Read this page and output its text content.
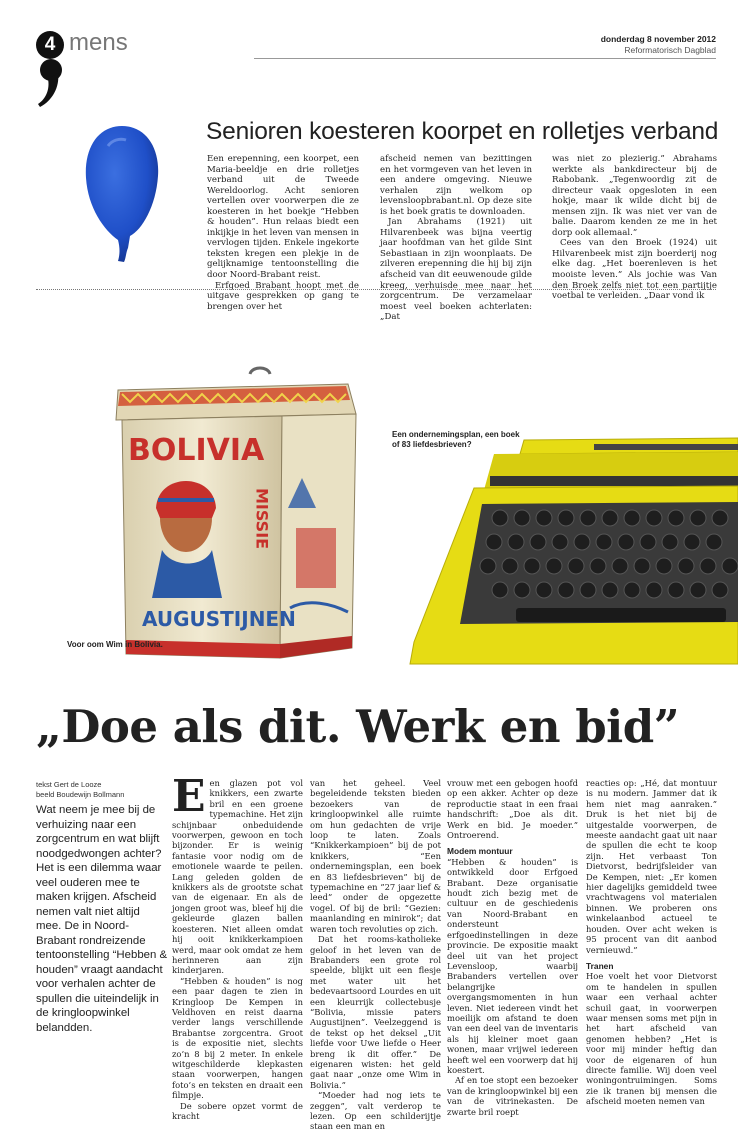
4 mens	donderdag 8 november 2012
Reformatorisch Dagblad
Senioren koesteren koorpet en rolletjes verband

Een erepenning, een koorpet, een Maria-beeldje en drie rolletjes verband uit de Tweede Wereldoorlog. Acht senioren vertellen over voorwerpen die ze koesteren in het boekje “Hebben & houden”. Hun relaas biedt een inkijkje in het leven van mensen in vervlogen tijden. Enkele ingekorte teksten kregen een plekje in de gelijknamige tentoonstelling die door Noord-Brabant reist.

Erfgoed Brabant hoopt met de uitgave gesprekken op gang te brengen over het

afscheid nemen van bezittingen en het vormgeven van het leven in een andere omgeving. Nieuwe verhalen zijn welkom op levensloopbrabant.nl. Op deze site is het boek gratis te downloaden.

Jan Abrahams (1921) uit Hilvarenbeek was bijna veertig jaar hoofdman van het gilde Sint Sebastiaan in zijn woonplaats. De zilveren erepenning die hij bij zijn afscheid van dit eeuwenoude gilde kreeg, verhuisde mee naar het zorgcentrum. De verzamelaar moest veel boeken achterlaten: „Dat

was niet zo plezierig.” Abrahams werkte als bankdirecteur bij de Rabobank. „Tegenwoordig zit de directeur vaak opgesloten in een hokje, maar ik wilde dicht bij de mensen zijn. Ik was niet ver van de balie. Daarom kenden ze me in het dorp ook allemaal.”

Cees van den Broek (1924) uit Hilvarenbeek mist zijn boerderij nog elke dag. „Het boerenleven is het mooiste leven.” Als jochie was Van den Broek zelfs niet tot een partijtje voetbal te verleiden. „Daar vond ik

BOLIVIA
AUGUSTIJNEN
MISSIE
Voor oom Wim in Bolivia.
Een ondernemingsplan, een boek of 83 liefdesbrieven?
„Doe als dit. Werk en bid”
tekst Gert de Looze
beeld Boudewijn Bollmann
Wat neem je mee bij de verhuizing naar een zorgcentrum en wat blijft noodgedwongen achter? Het is een dilemma waar veel ouderen mee te maken krijgen. Afscheid nemen valt niet altijd mee. De in Noord-Brabant rondreizende tentoonstelling “Hebben & houden” vraagt aandacht voor verhalen achter de spullen die uiteindelijk in de kringloopwinkel belandden.
E en glazen pot vol knikkers, een zwarte bril en een groene typemachine. Het zijn schijnbaar onbeduidende voorwerpen, gewoon en toch bijzonder. Er is weinig fantasie voor nodig om de emotionele waarde te peilen. Lang geleden golden de knikkers als de grootste schat van de eigenaar. En als de jongen groot was, bleef hij die gekleurde glazen ballen koesteren. Niet alleen omdat hij ooit knikkerkampioen werd, maar ook omdat ze hem herinneren aan zijn kinderjaren.

“Hebben & houden” is nog een paar dagen te zien in Kringloop De Kempen in Veldhoven en reist daarna verder langs verschillende Brabantse zorgcentra. Groot is de expositie niet, slechts zo’n 8 bij 2 meter. In enkele witgeschilderde klepkasten staan voorwerpen, hangen foto’s en teksten en draait een filmpje.

De sobere opzet vormt de kracht

van het geheel. Veel begeleidende teksten bieden bezoekers van de kringloopwinkel alle ruimte om hun gedachten de vrije loop te laten. Zoals “Knikkerkampioen” bij de pot knikkers, “Een ondernemingsplan, een boek en 83 liefdesbrieven” bij de typemachine en ”27 jaar lief & leed” onder de opgezette vogel. Of bij de bril: “Gezien: maanlanding en minirok”; dat waren toch revoluties op zich.

Dat het rooms-katholieke geloof in het leven van de Brabanders een grote rol speelde, blijkt uit een flesje met water uit het bedevaartsoord Lourdes en uit een kleurrijk collectebusje “Bolivia, missie paters Augustijnen”. Veelzeggend is de tekst op het deksel „Uit liefde voor Uwe liefde o Heer breng ik dit offer.” De eigenaren wisten: het geld gaat naar „onze ome Wim in Bolivia.”

“Moeder had nog iets te zeggen”, valt verderop te lezen. Op een schilderijtje staan een man en

vrouw met een gebogen hoofd op een akker. Achter op deze reproductie staat in een fraai handschrift: „Doe als dit. Werk en bid. Je moeder.” Ontroerend.

Modem montuur

“Hebben & houden” is ontwikkeld door Erfgoed Brabant. Deze organisatie houdt zich bezig met de cultuur en de geschiedenis van Noord-Brabant en ondersteunt erfgoedinstellingen in deze provincie. De expositie maakt deel uit van het project Levensloop, waarbij Brabanders vertellen over belangrijke overgangsmomenten in hun leven. Niet iedereen vindt het moeilijk om afstand te doen van een deel van de inventaris als hij kleiner moet gaan wonen, maar vrijwel iedereen heeft wel een voorwerp dat hij koestert.

Af en toe stopt een bezoeker van de kringloopwinkel bij een van de vitrinekasten. De zwarte bril roept

reacties op: „Hé, dat montuur is nu modern. Jammer dat ik hem niet mag aanraken.” Druk is het niet bij de uitgestalde voorwerpen, de meeste aandacht gaat uit naar de spullen die echt te koop zijn. Het verbaast Ton Dietvorst, bedrijfsleider van De Kempen, niet: „Er komen hier dagelijks gemiddeld twee vrachtwagens vol materialen binnen. We proberen ons winkelaanbod actueel te houden. Over acht weken is 95 procent van dit aanbod vernieuwd.”

Tranen

Hoe voelt het voor Dietvorst om te handelen in spullen waar een verhaal achter schuil gaat, in voorwerpen waar mensen soms met pijn in het hart afscheid van genomen hebben? „Het is voor mij minder heftig dan voor de eigenaren of hun directe familie. Wij doen veel woningontruimingen. Soms zie ik tranen bij mensen die afscheid moeten nemen van
